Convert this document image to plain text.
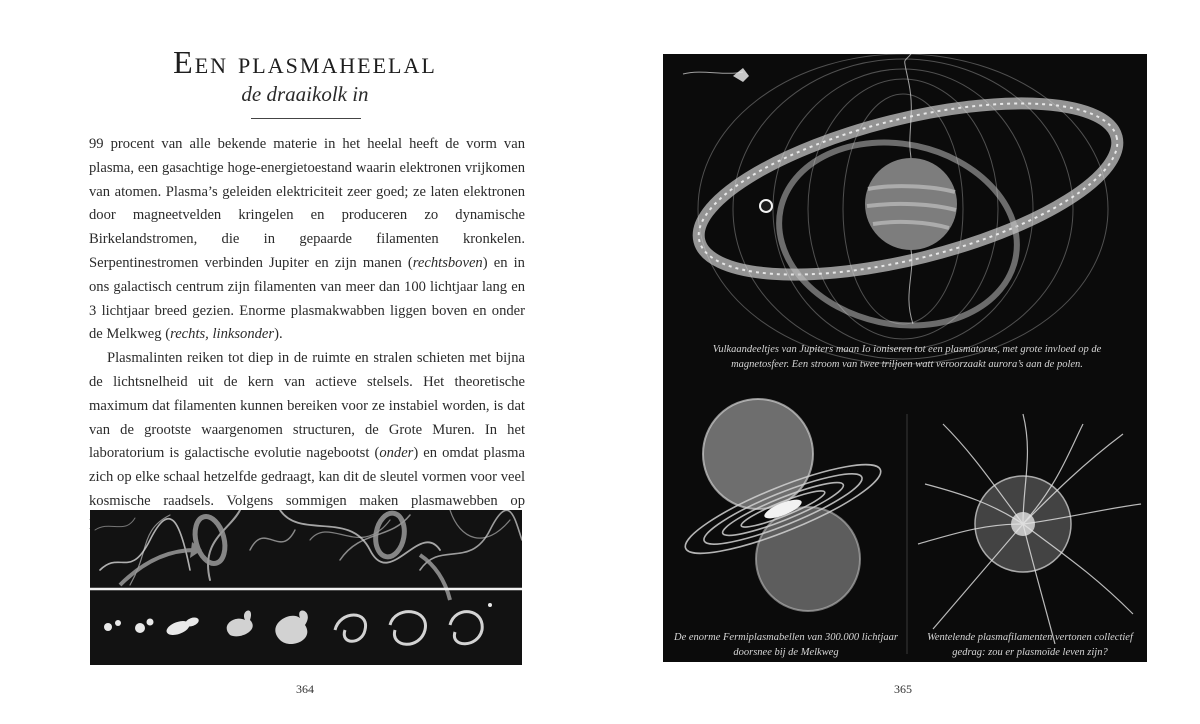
Een plasmaheelal
de draaikolk in

99 procent van alle bekende materie in het heelal heeft de vorm van plasma, een gasachtige hoge-energietoestand waarin elektronen vrijkomen van atomen. Plasma’s geleiden elektriciteit zeer goed; ze laten elektronen door magneetvelden kringelen en produceren zo dynamische Birkelandstromen, die in gepaarde filamenten kronkelen. Serpentinestromen verbinden Jupiter en zijn manen (rechtsboven) en in ons galactisch centrum zijn filamenten van meer dan 100 lichtjaar lang en 3 lichtjaar breed gezien. Enorme plasmakwabben liggen boven en onder de Melkweg (rechts, linksonder).

Plasmalinten reiken tot diep in de ruimte en stralen schieten met bijna de lichtsnelheid uit de kern van actieve stelsels. Het theoretische maximum dat filamenten kunnen bereiken voor ze instabiel worden, is dat van de grootste waargenomen structuren, de Grote Muren. In het laboratorium is galactische evolutie nagebootst (onder) en omdat plasma zich op elke schaal hetzelfde gedraagt, kan dit de sleutel vormen voor veel kosmische raadsels. Volgens sommigen maken plasmawebben op

364
Vulkaandeeltjes van Jupiters maan Io ioniseren tot een plasmatorus, met grote invloed op de magnetosfeer. Een stroom van twee triljoen watt veroorzaakt aurora’s aan de polen.
De enorme Fermiplasmabellen van 300.000 lichtjaar doorsnee bij de Melkweg
Wentelende plasmafilamenten vertonen collectief gedrag: zou er plasmoïde leven zijn?
365
